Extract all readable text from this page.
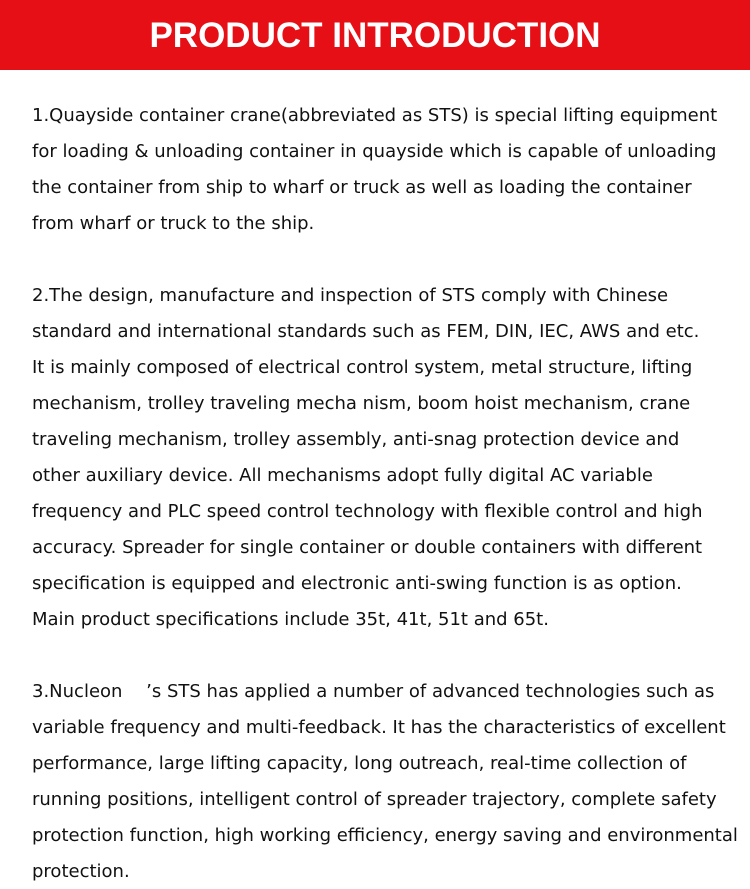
PRODUCT INTRODUCTION

1.Quayside container crane(abbreviated as STS) is special lifting equipment
for loading & unloading container in quayside which is capable of unloading
the container from ship to wharf or truck as well as loading the container
from wharf or truck to the ship.

2.The design, manufacture and inspection of STS comply with Chinese
standard and international standards such as FEM, DIN, IEC, AWS and etc.
It is mainly composed of electrical control system, metal structure, lifting
mechanism, trolley traveling mecha nism, boom hoist mechanism, crane
traveling mechanism, trolley assembly, anti-snag protection device and
other auxiliary device. All mechanisms adopt fully digital AC variable
frequency and PLC speed control technology with flexible control and high
accuracy. Spreader for single container or double containers with different
specification is equipped and electronic anti-swing function is as option.
Main product specifications include 35t, 41t, 51t and 65t.

3.Nucleon 　’s STS has applied a number of advanced technologies such as
variable frequency and multi-feedback. It has the characteristics of excellent
performance, large lifting capacity, long outreach, real-time collection of
running positions, intelligent control of spreader trajectory, complete safety
protection function, high working efficiency, energy saving and environmental
protection.
